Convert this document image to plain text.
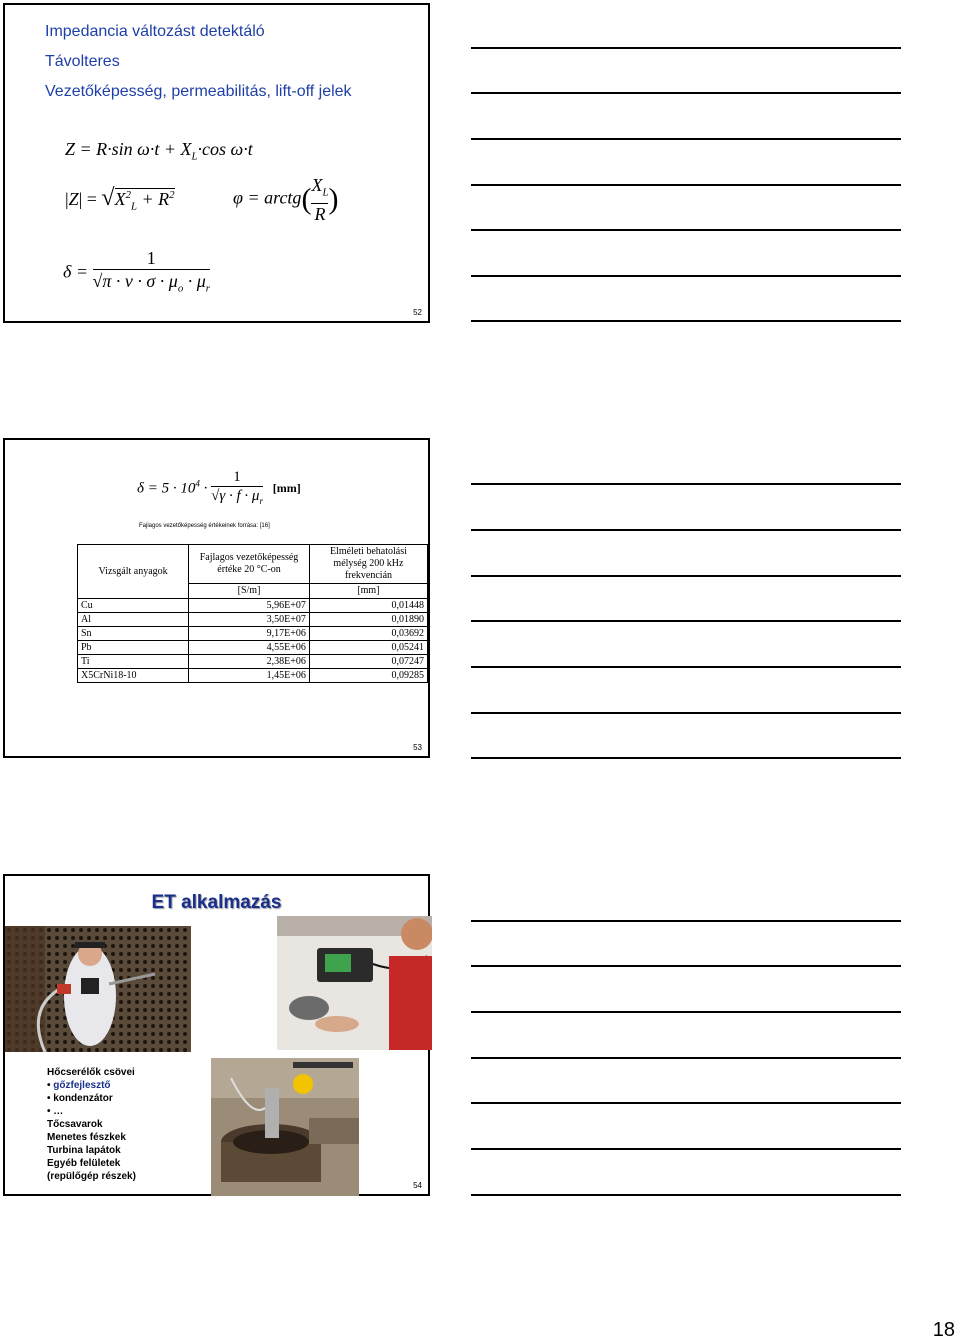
Impedancia változást detektáló
Távolteres
Vezetőképesség, permeabilitás, lift-off jelek
Z = R·sin $\omega\cdot t + X_L\cdot\cos$ ω·t
$|Z| = √X^2_L + R^2$	φ = arctg( $\frac{X_L}{R}$ )
$\delta = \frac{1}{√\pi \cdot \nu \cdot \sigma \cdot \mu_o \cdot \mu_r}$
52
$\delta = 5 \cdot 10^4 \cdot \frac{1}{√\gamma \cdot f \cdot \mu_r} [mm]$
Fajlagos vezetőképesség értékeinek forrása: [16]
Vizsgált anyagok	Fajlagos vezetőképesség értéke 20 °C-on	Elméleti behatolási mélység 200 kHz frekvencián
	[S/m]	[mm]
Cu	5,96E+07	0,01448
Al	3,50E+07	0,01890
Sn	9,17E+06	0,03692
Pb	4,55E+06	0,05241
Ti	2,38E+06	0,07247
X5CrNi18-10	1,45E+06	0,09285
53
ET alkalmazás
Hőcserélők csövei
• gőzfejlesztő
• kondenzátor
• …
Tőcsavarok
Menetes fészkek
Turbina lapátok
Egyéb felületek
(repülőgép részek)
54
18
